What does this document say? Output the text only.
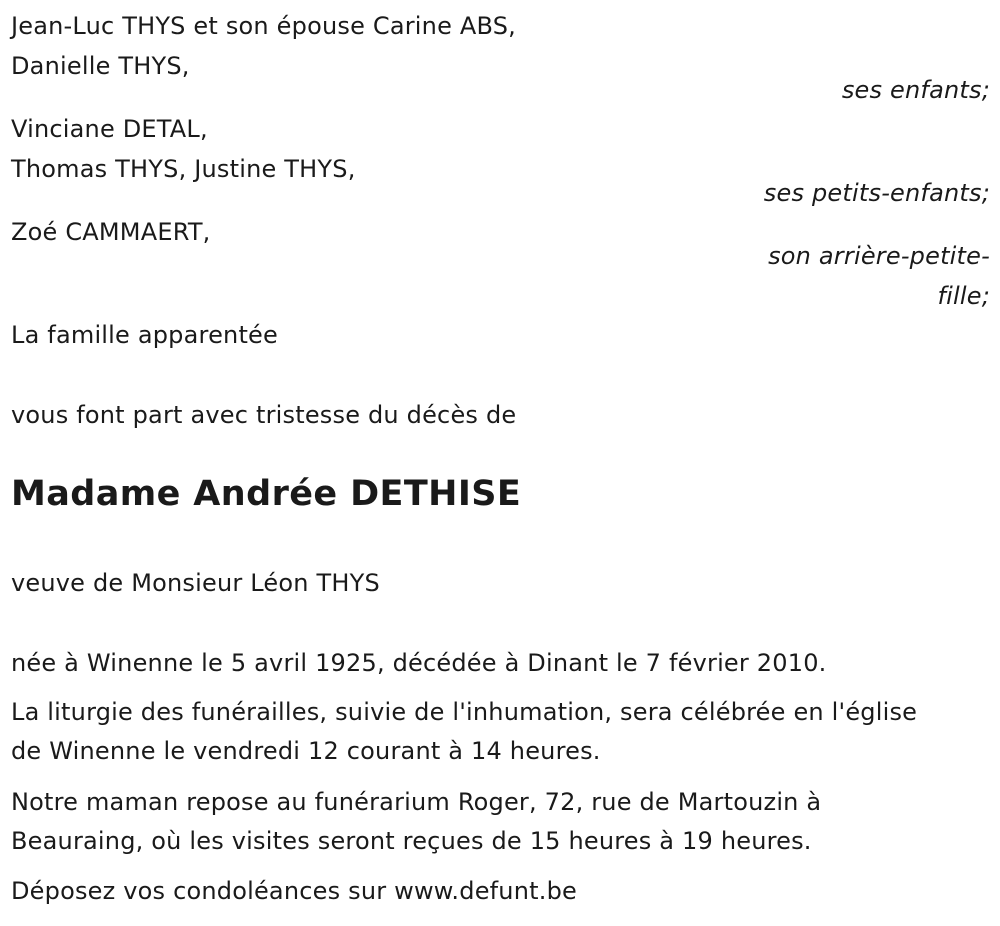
Jean-Luc THYS et son épouse Carine ABS,
Danielle THYS,
ses enfants;
Vinciane DETAL,
Thomas THYS, Justine THYS,
ses petits-enfants;
Zoé CAMMAERT,
son arrière-petite-
fille;
La famille apparentée
vous font part avec tristesse du décès de
Madame Andrée DETHISE
veuve de Monsieur Léon THYS
née à Winenne le 5 avril 1925, décédée à Dinant le 7 février 2010.
La liturgie des funérailles, suivie de l'inhumation, sera célébrée en l'église
de Winenne le vendredi 12 courant à 14 heures.
Notre maman repose au funérarium Roger, 72, rue de Martouzin à
Beauraing, où les visites seront reçues de 15 heures à 19 heures.
Déposez vos condoléances sur www.defunt.be
